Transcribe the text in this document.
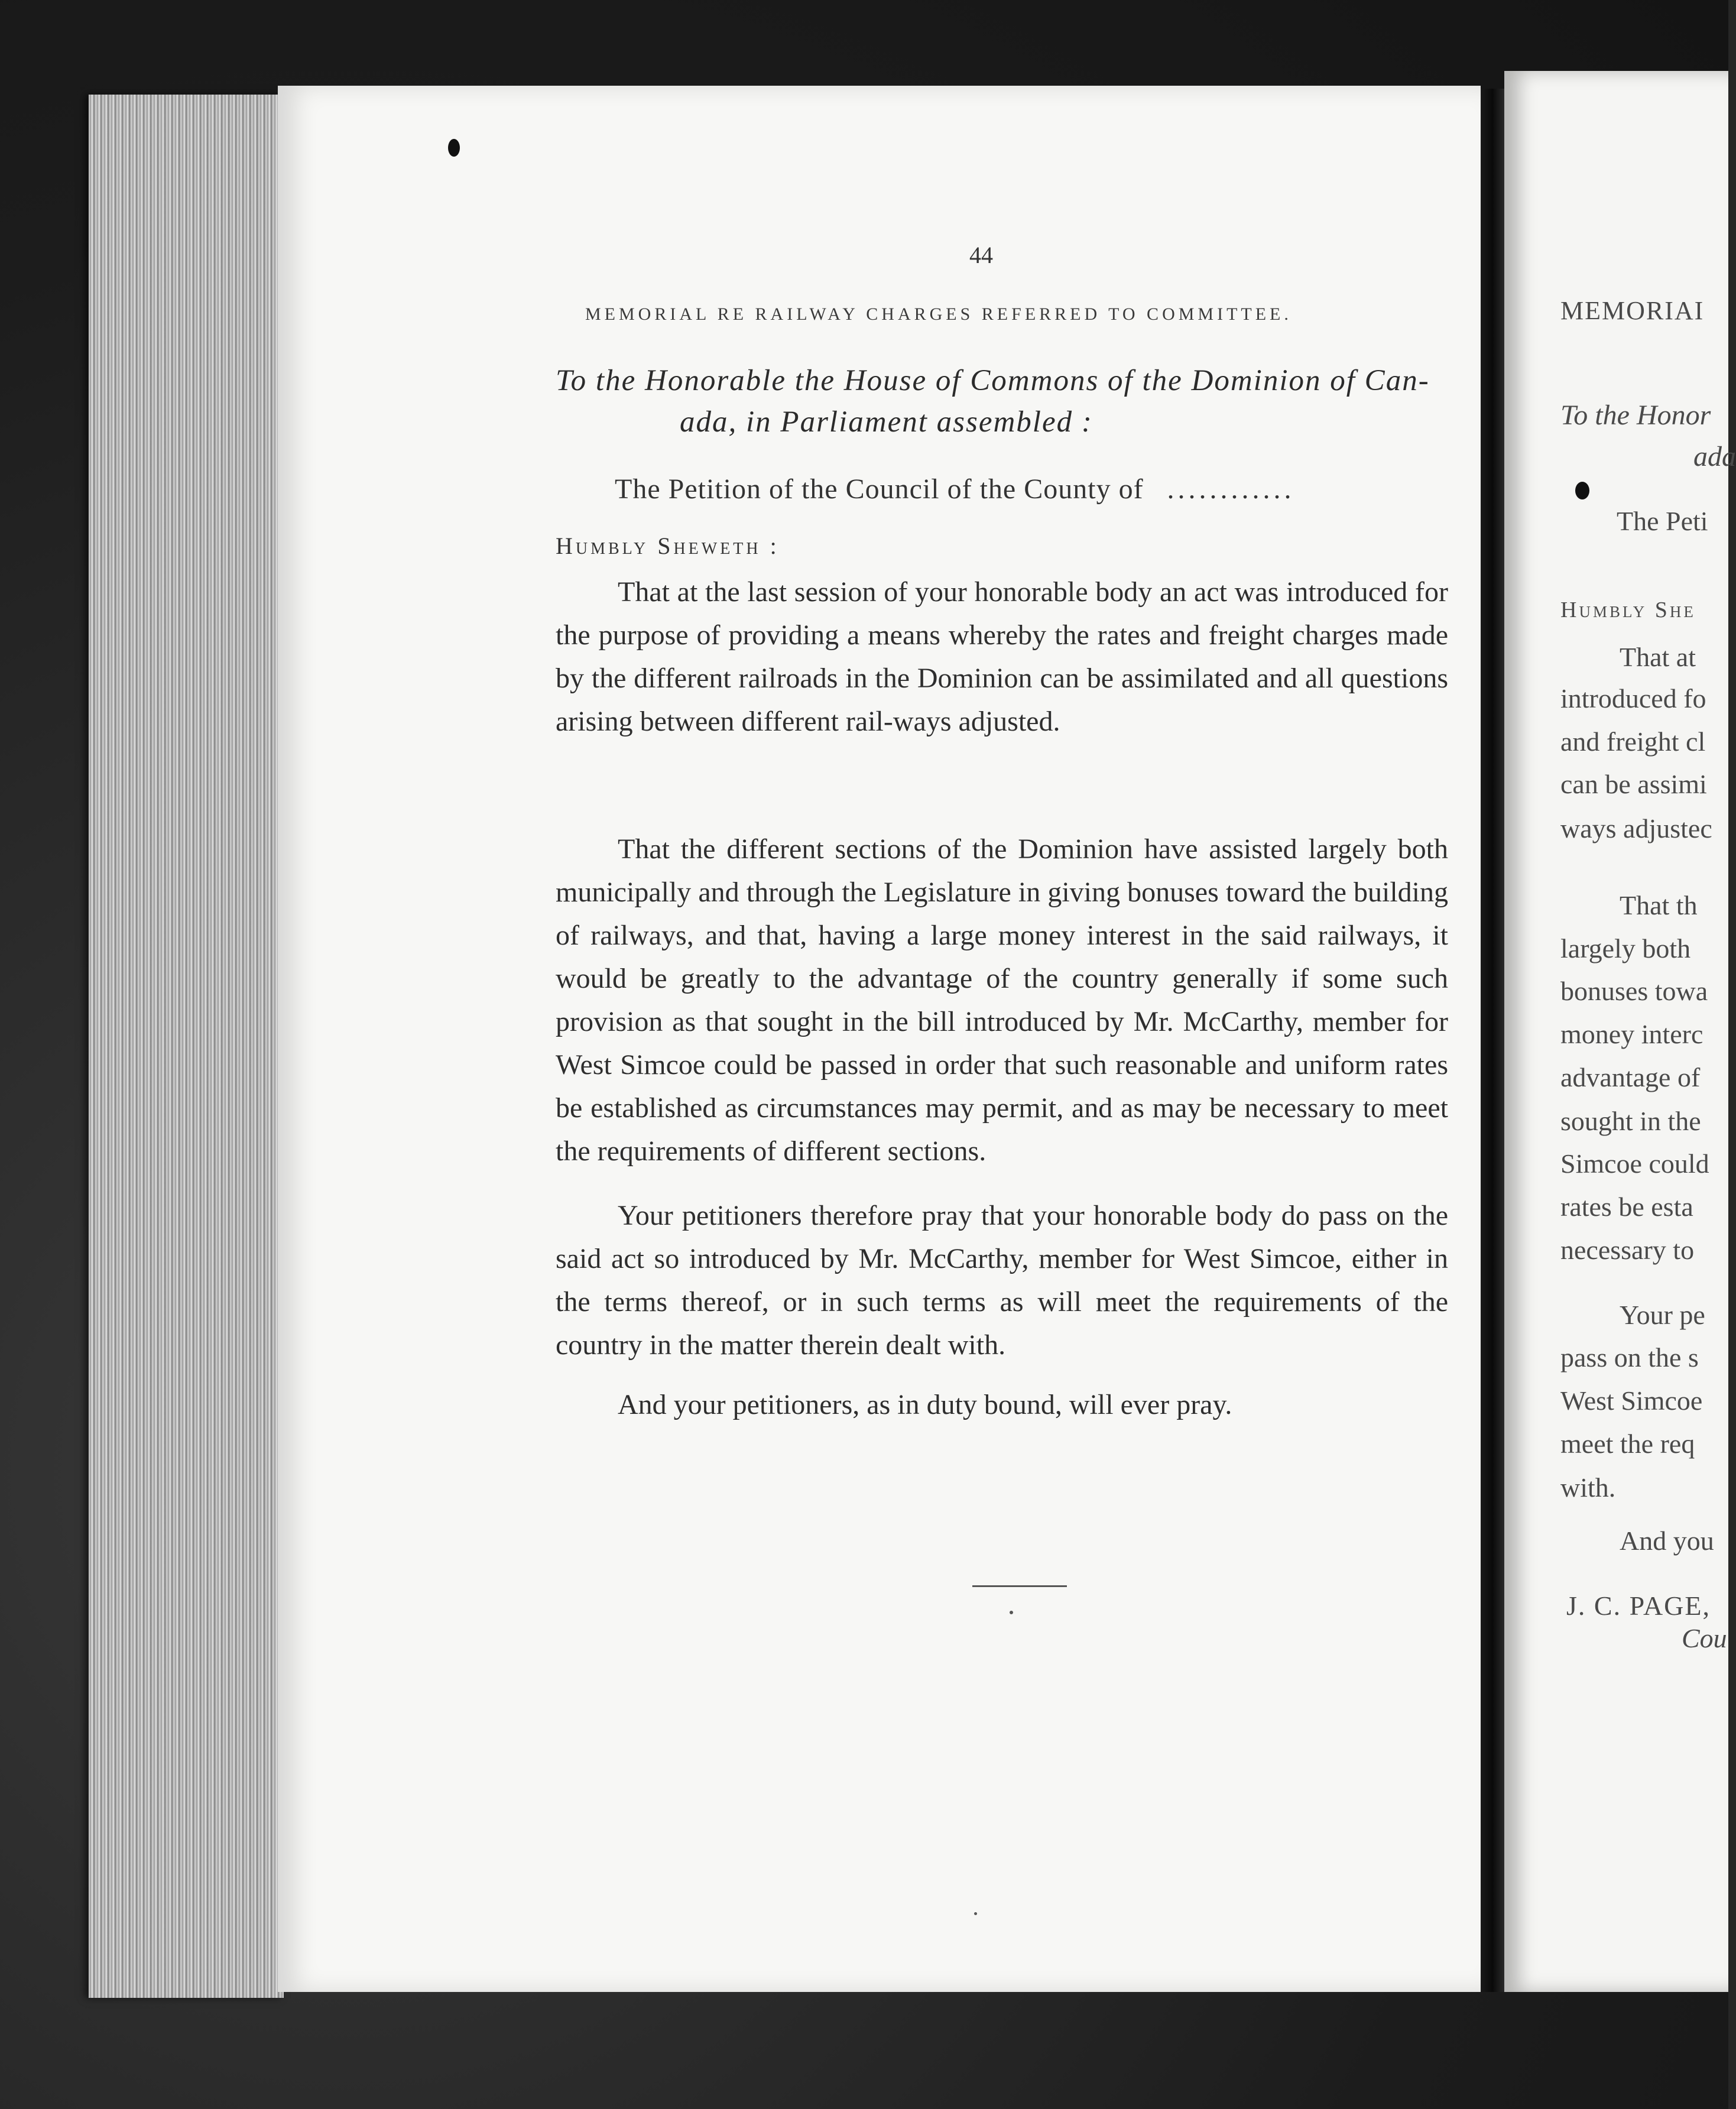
44
MEMORIAL RE RAILWAY CHARGES REFERRED TO COMMITTEE.
To the Honorable the House of Commons of the Dominion of Can-
ada, in Parliament assembled :
The Petition of the Council of the County of ............
Humbly Sheweth :
That at the last session of your honorable body an act was introduced for the purpose of providing a means whereby the rates and freight charges made by the different railroads in the Dominion can be assimilated and all questions arising between different rail-ways adjusted.
That the different sections of the Dominion have assisted largely both municipally and through the Legislature in giving bonuses toward the building of railways, and that, having a large money interest in the said railways, it would be greatly to the advantage of the country generally if some such provision as that sought in the bill introduced by Mr. McCarthy, member for West Simcoe could be passed in order that such reasonable and uniform rates be established as circumstances may permit, and as may be necessary to meet the requirements of different sections.
Your petitioners therefore pray that your honorable body do pass on the said act so introduced by Mr. McCarthy, member for West Simcoe, either in the terms thereof, or in such terms as will meet the requirements of the country in the matter therein dealt with.
And your petitioners, as in duty bound, will ever pray.
MEMORIAI
To the Honor
ada
The Peti
Humbly She
That at
introduced fo
and freight cl
can be assimi
ways adjustec
That th
largely both
bonuses towa
money interc
advantage of
sought in the
Simcoe could
rates be esta
necessary to
Your pe
pass on the s
West Simcoe
meet the req
with.
And you
J. C. PAGE,
Cou
